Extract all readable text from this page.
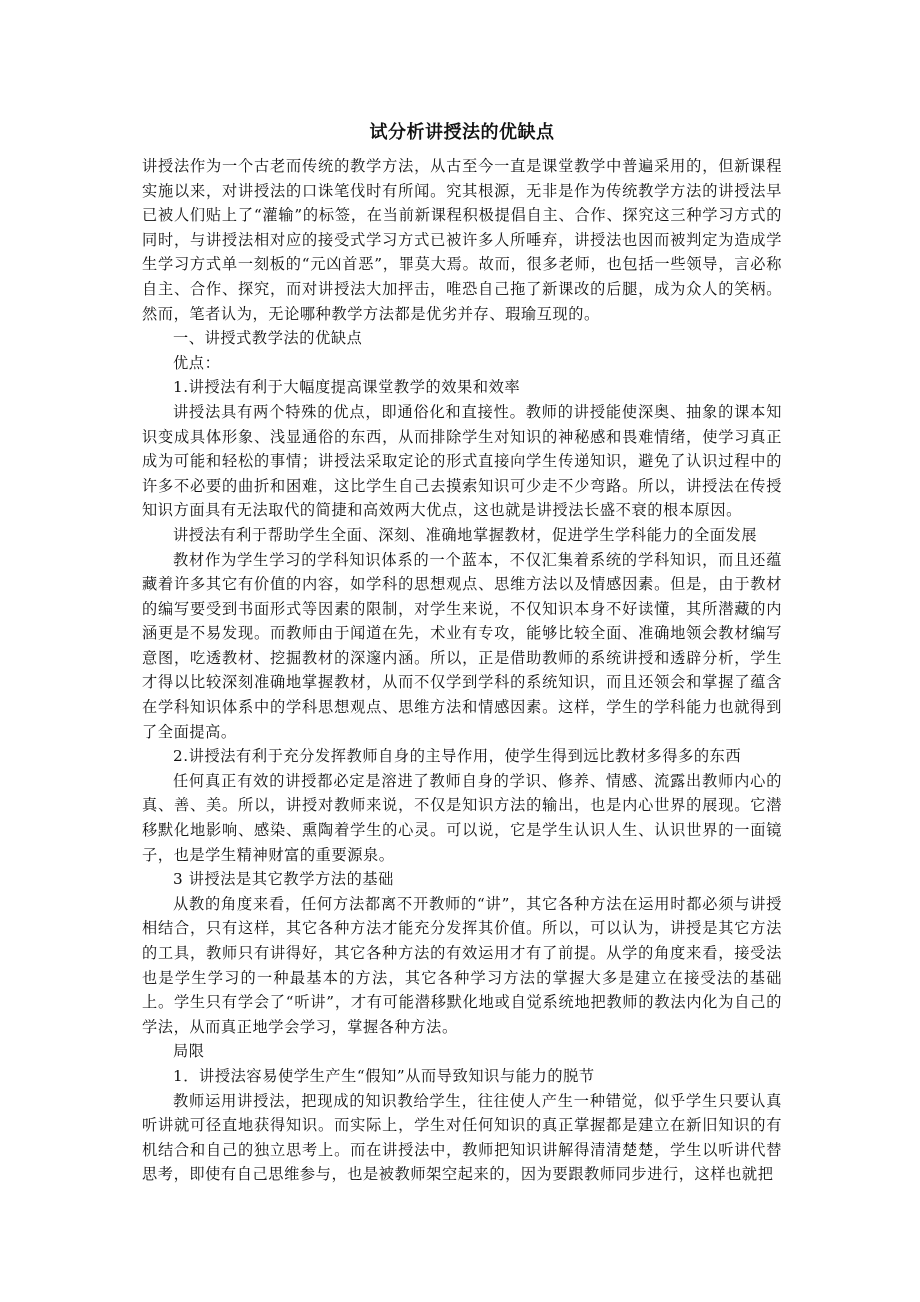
试分析讲授法的优缺点

讲授法作为一个古老而传统的教学方法，从古至今一直是课堂教学中普遍采用的，但新课程实施以来，对讲授法的口诛笔伐时有所闻。究其根源，无非是作为传统教学方法的讲授法早已被人们贴上了“灌输”的标签，在当前新课程积极提倡自主、合作、探究这三种学习方式的同时，与讲授法相对应的接受式学习方式已被许多人所唾弃，讲授法也因而被判定为造成学生学习方式单一刻板的“元凶首恶”，罪莫大焉。故而，很多老师，也包括一些领导，言必称自主、合作、探究，而对讲授法大加抨击，唯恐自己拖了新课改的后腿，成为众人的笑柄。然而，笔者认为，无论哪种教学方法都是优劣并存、瑕瑜互现的。

一、讲授式教学法的优缺点

优点：

1.讲授法有利于大幅度提高课堂教学的效果和效率

讲授法具有两个特殊的优点，即通俗化和直接性。教师的讲授能使深奥、抽象的课本知识变成具体形象、浅显通俗的东西，从而排除学生对知识的神秘感和畏难情绪，使学习真正成为可能和轻松的事情；讲授法采取定论的形式直接向学生传递知识，避免了认识过程中的许多不必要的曲折和困难，这比学生自己去摸索知识可少走不少弯路。所以，讲授法在传授知识方面具有无法取代的简捷和高效两大优点，这也就是讲授法长盛不衰的根本原因。

讲授法有利于帮助学生全面、深刻、准确地掌握教材，促进学生学科能力的全面发展

教材作为学生学习的学科知识体系的一个蓝本，不仅汇集着系统的学科知识，而且还蕴藏着许多其它有价值的内容，如学科的思想观点、思维方法以及情感因素。但是，由于教材的编写要受到书面形式等因素的限制，对学生来说，不仅知识本身不好读懂，其所潜藏的内涵更是不易发现。而教师由于闻道在先，术业有专攻，能够比较全面、准确地领会教材编写意图，吃透教材、挖掘教材的深邃内涵。所以，正是借助教师的系统讲授和透辟分析，学生才得以比较深刻准确地掌握教材，从而不仅学到学科的系统知识，而且还领会和掌握了蕴含在学科知识体系中的学科思想观点、思维方法和情感因素。这样，学生的学科能力也就得到了全面提高。

2.讲授法有利于充分发挥教师自身的主导作用，使学生得到远比教材多得多的东西

任何真正有效的讲授都必定是溶进了教师自身的学识、修养、情感、流露出教师内心的真、善、美。所以，讲授对教师来说，不仅是知识方法的输出，也是内心世界的展现。它潜移默化地影响、感染、熏陶着学生的心灵。可以说，它是学生认识人生、认识世界的一面镜子，也是学生精神财富的重要源泉。

3 讲授法是其它教学方法的基础

从教的角度来看，任何方法都离不开教师的“讲”，其它各种方法在运用时都必须与讲授相结合，只有这样，其它各种方法才能充分发挥其价值。所以，可以认为，讲授是其它方法的工具，教师只有讲得好，其它各种方法的有效运用才有了前提。从学的角度来看，接受法也是学生学习的一种最基本的方法，其它各种学习方法的掌握大多是建立在接受法的基础上。学生只有学会了“听讲”，才有可能潜移默化地或自觉系统地把教师的教法内化为自己的学法，从而真正地学会学习，掌握各种方法。

局限

1．讲授法容易使学生产生“假知”从而导致知识与能力的脱节

教师运用讲授法，把现成的知识教给学生，往往使人产生一种错觉，似乎学生只要认真听讲就可径直地获得知识。而实际上，学生对任何知识的真正掌握都是建立在新旧知识的有机结合和自己的独立思考上。而在讲授法中，教师把知识讲解得清清楚楚，学生以听讲代替思考，即使有自己思维参与，也是被教师架空起来的，因为要跟教师同步进行，这样也就把
